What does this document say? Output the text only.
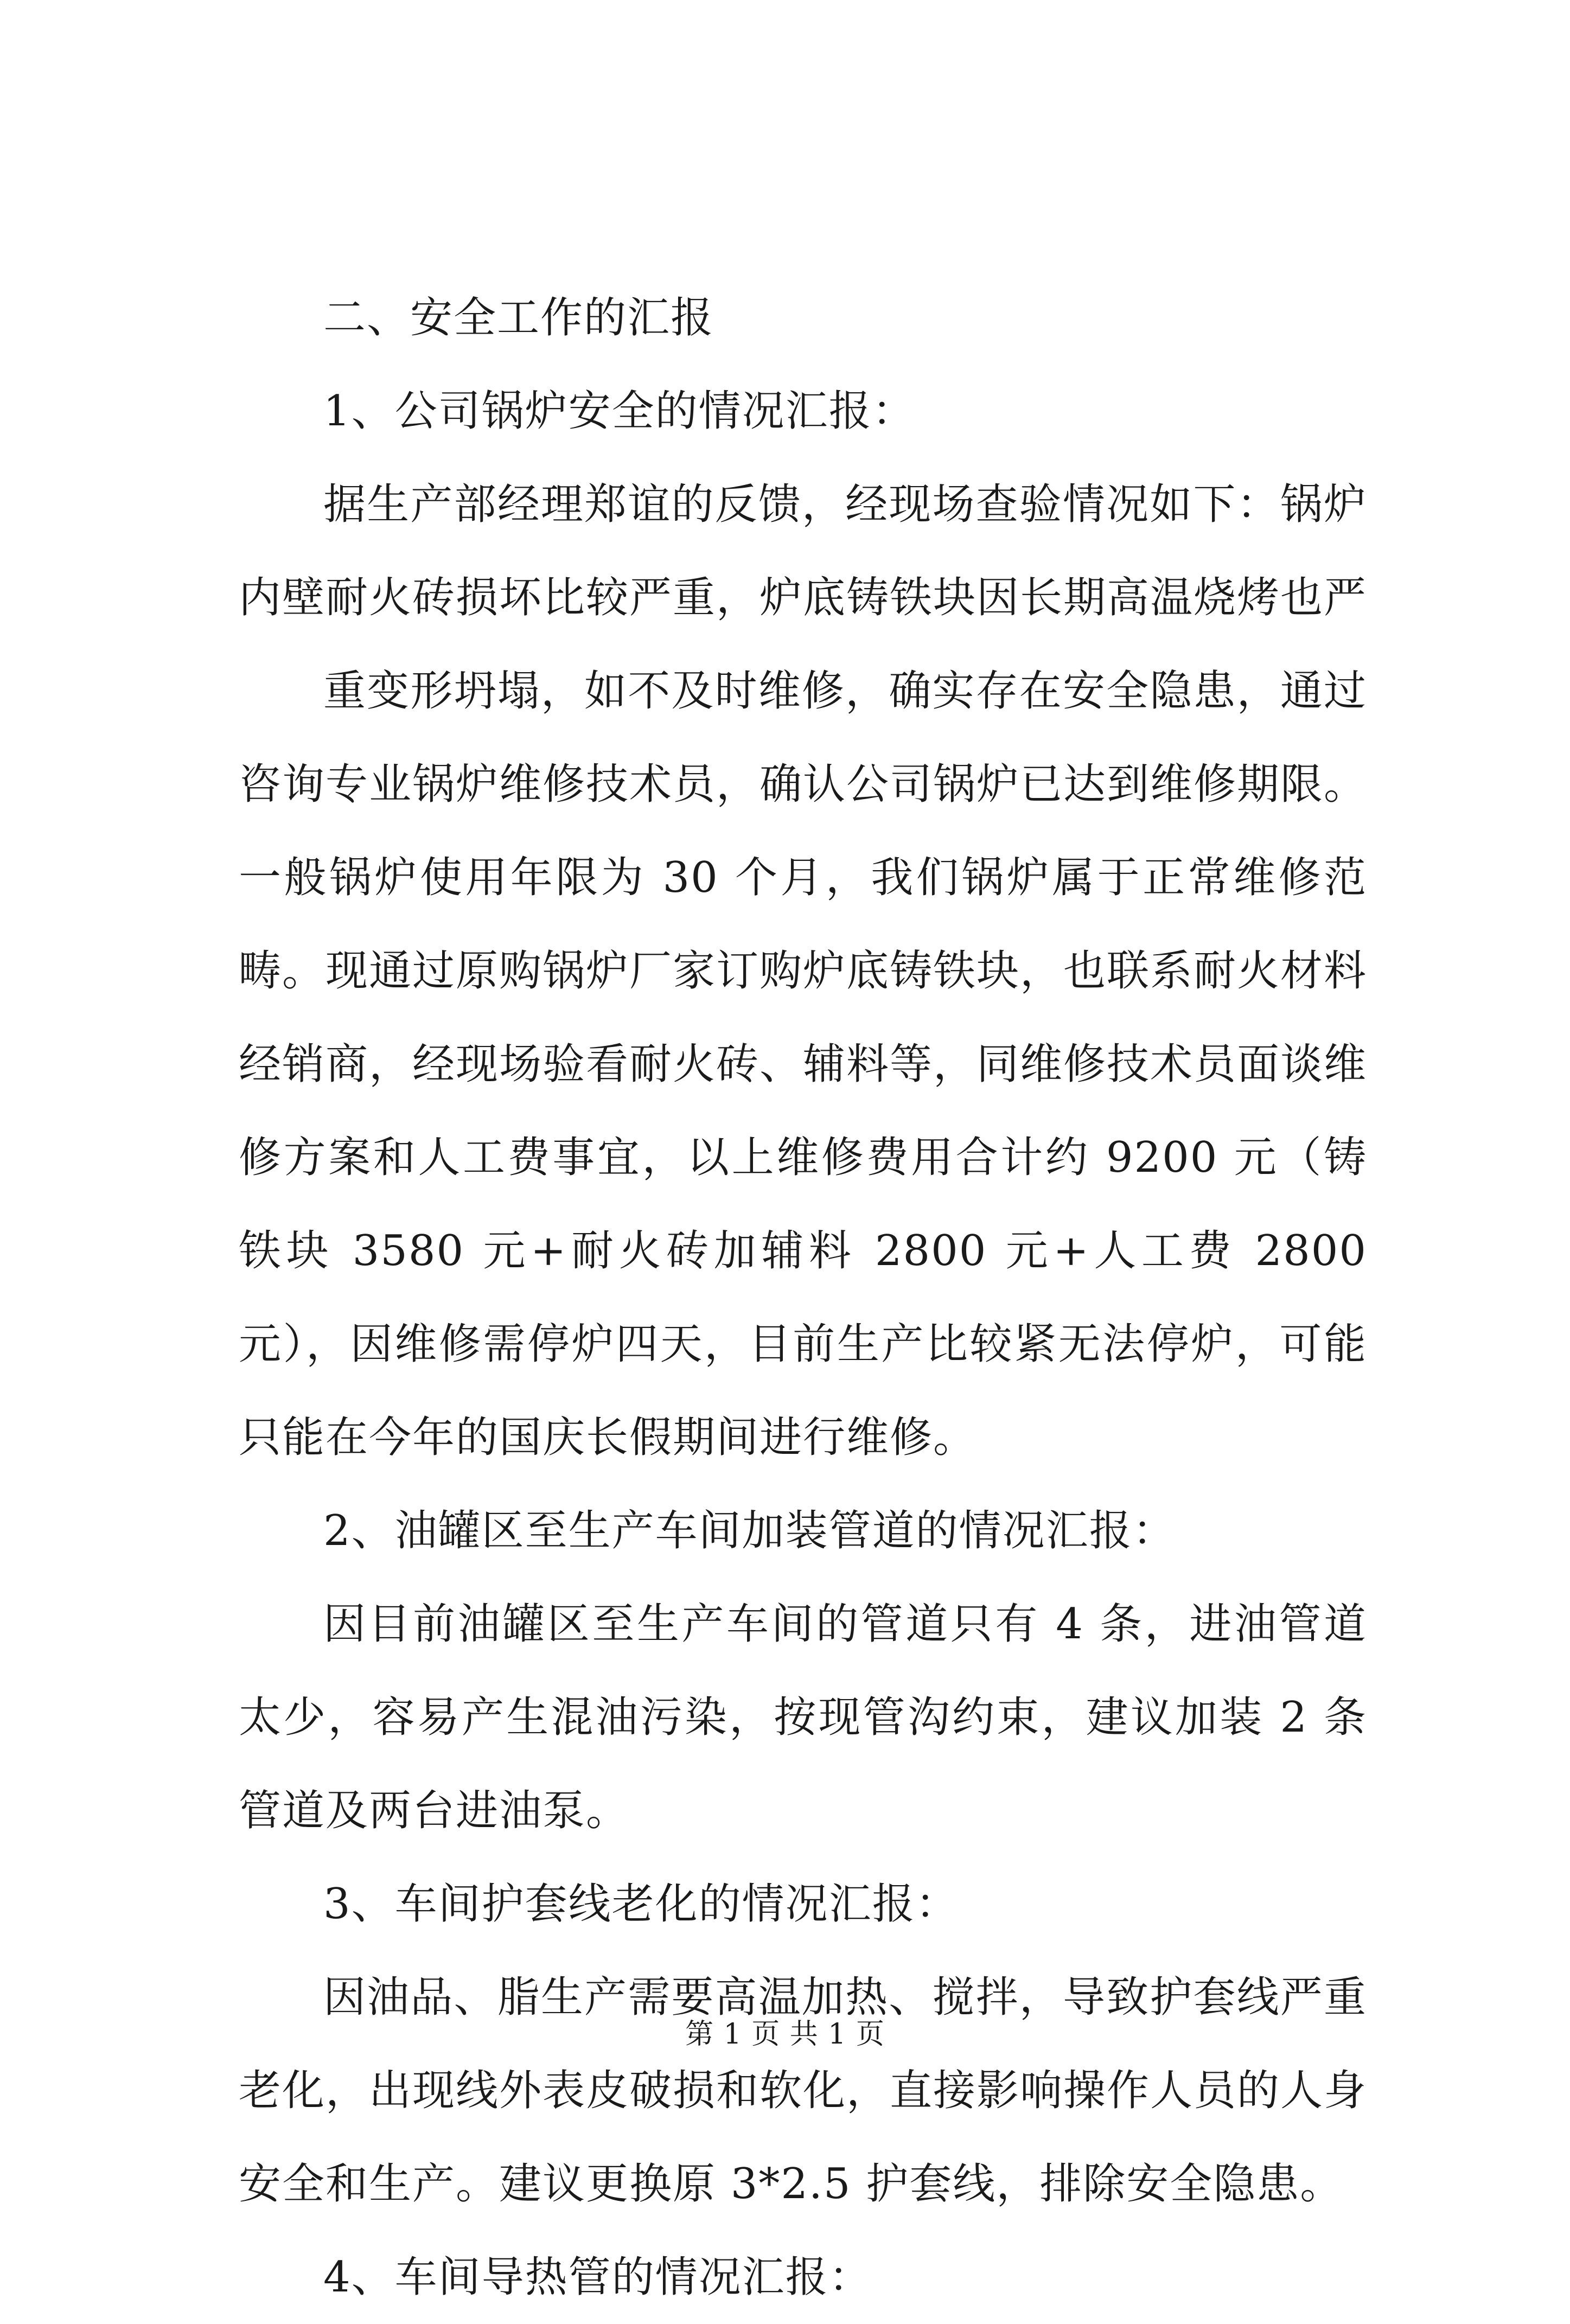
二、安全工作的汇报

1、公司锅炉安全的情况汇报：

据生产部经理郑谊的反馈，经现场查验情况如下：锅炉内壁耐火砖损坏比较严重，炉底铸铁块因长期高温烧烤也严

重变形坍塌，如不及时维修，确实存在安全隐患，通过咨询专业锅炉维修技术员，确认公司锅炉已达到维修期限。一般锅炉使用年限为 30 个月，我们锅炉属于正常维修范畴。现通过原购锅炉厂家订购炉底铸铁块，也联系耐火材料经销商，经现场验看耐火砖、辅料等，同维修技术员面谈维修方案和人工费事宜，以上维修费用合计约 9200 元（铸铁块 3580 元+耐火砖加辅料 2800 元+人工费 2800 元），因维修需停炉四天，目前生产比较紧无法停炉，可能只能在今年的国庆长假期间进行维修。

2、油罐区至生产车间加装管道的情况汇报：

因目前油罐区至生产车间的管道只有 4 条，进油管道太少，容易产生混油污染，按现管沟约束，建议加装 2 条管道及两台进油泵。

3、车间护套线老化的情况汇报：

因油品、脂生产需要高温加热、搅拌，导致护套线严重老化，出现线外表皮破损和软化，直接影响操作人员的人身安全和生产。建议更换原 3*2.5 护套线，排除安全隐患。

4、车间导热管的情况汇报：

第 1 页 共 1 页
